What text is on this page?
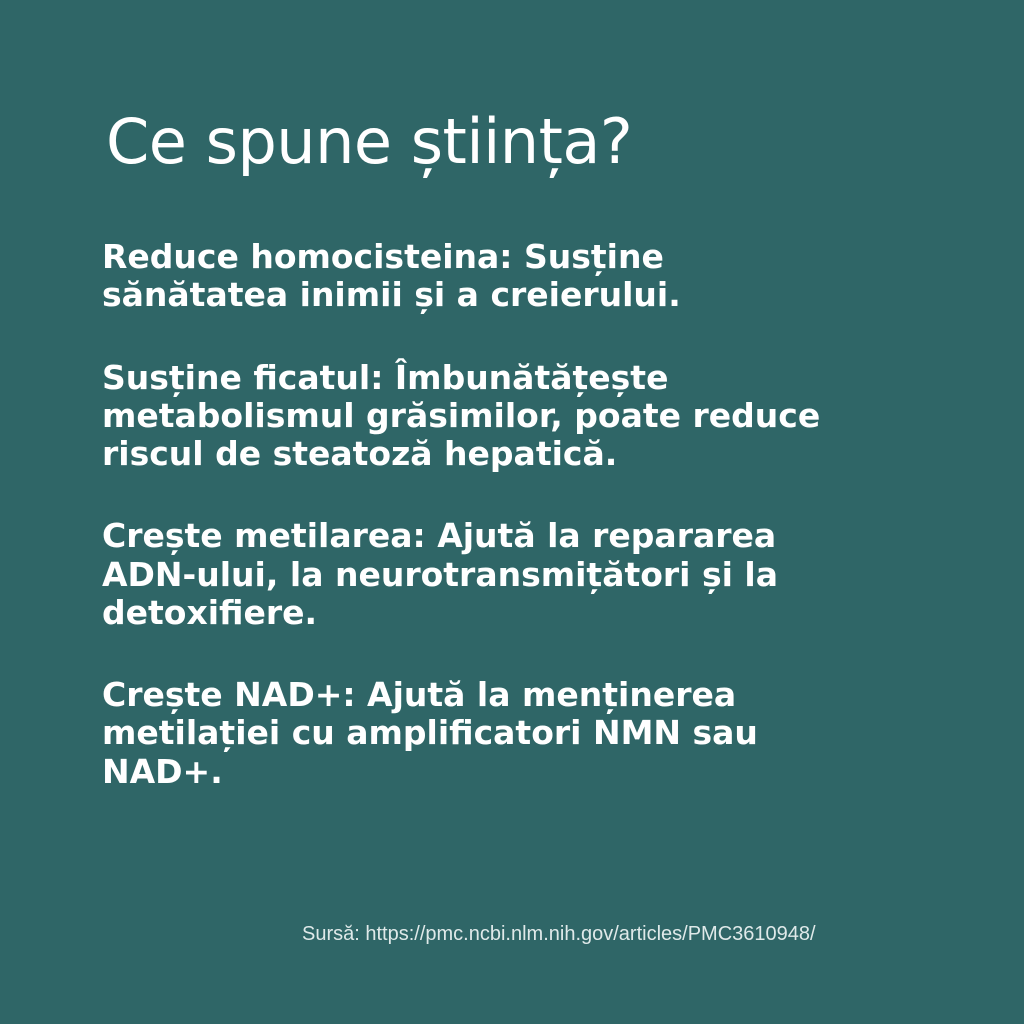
Ce spune știința?

Reduce homocisteina: Susține
sănătatea inimii și a creierului.

Susține ficatul: Îmbunătățește
metabolismul grăsimilor, poate reduce
riscul de steatoză hepatică.

Crește metilarea: Ajută la repararea
ADN-ului, la neurotransmițători și la
detoxifiere.

Crește NAD+: Ajută la menținerea
metilației cu amplificatori NMN sau
NAD+.

Sursă: https://pmc.ncbi.nlm.nih.gov/articles/PMC3610948/
